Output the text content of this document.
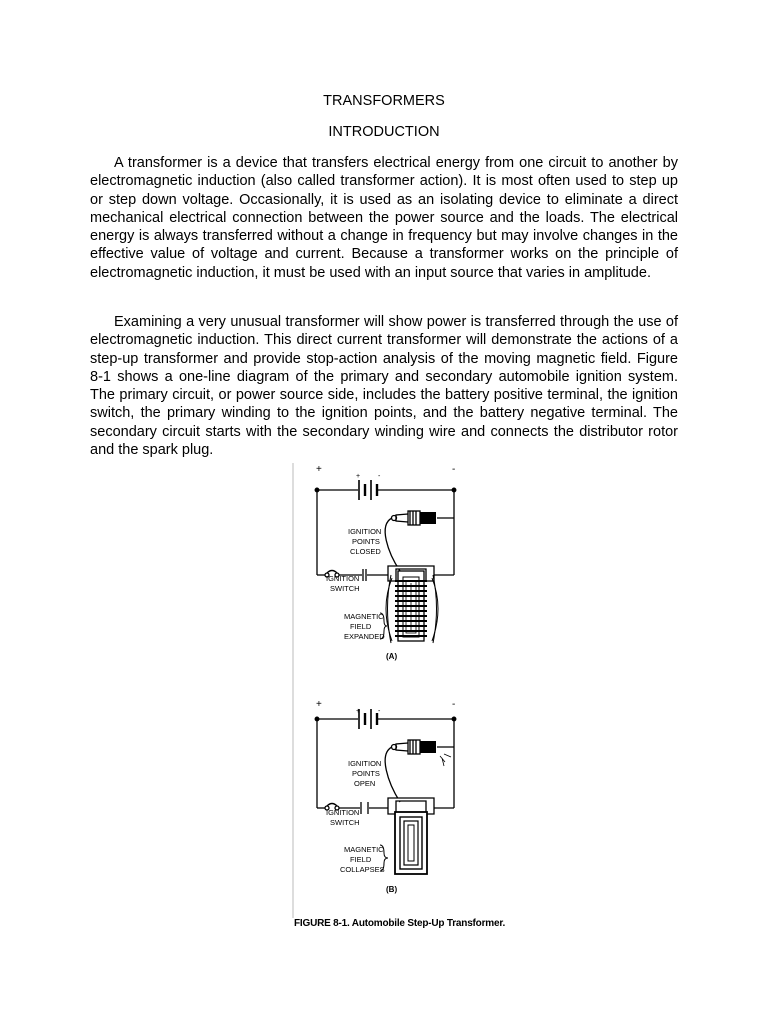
TRANSFORMERS
INTRODUCTION

A transformer is a device that transfers electrical energy from one circuit to another by electromagnetic induction (also called transformer action). It is most often used to step up or step down voltage. Occasionally, it is used as an isolating device to eliminate a direct mechanical electrical connection between the power source and the loads. The electrical energy is always transferred without a change in frequency but may involve changes in the effective value of voltage and current. Because a transformer works on the principle of electromagnetic induction, it must be used with an input source that varies in amplitude.

Examining a very unusual transformer will show power is transferred through the use of electromagnetic induction. This direct current transformer will demonstrate the actions of a step-up transformer and provide stop-action analysis of the moving magnetic field. Figure 8-1 shows a one-line diagram of the primary and secondary automobile ignition system. The primary circuit, or power source side, includes the battery positive terminal, the ignition switch, the primary winding to the ignition points, and the battery negative terminal. The secondary circuit starts with the secondary winding wire and connects the distributor rotor and the spark plug.

+	-
+	-
IGNITION
POINTS
CLOSED
IGNITION
SWITCH
MAGNETIC
FIELD
EXPANDED
(A)
+	-
+	-
IGNITION
POINTS
OPEN
IGNITION
SWITCH
MAGNETIC
FIELD
COLLAPSES
(B)
FIGURE 8-1. Automobile Step-Up Transformer.
